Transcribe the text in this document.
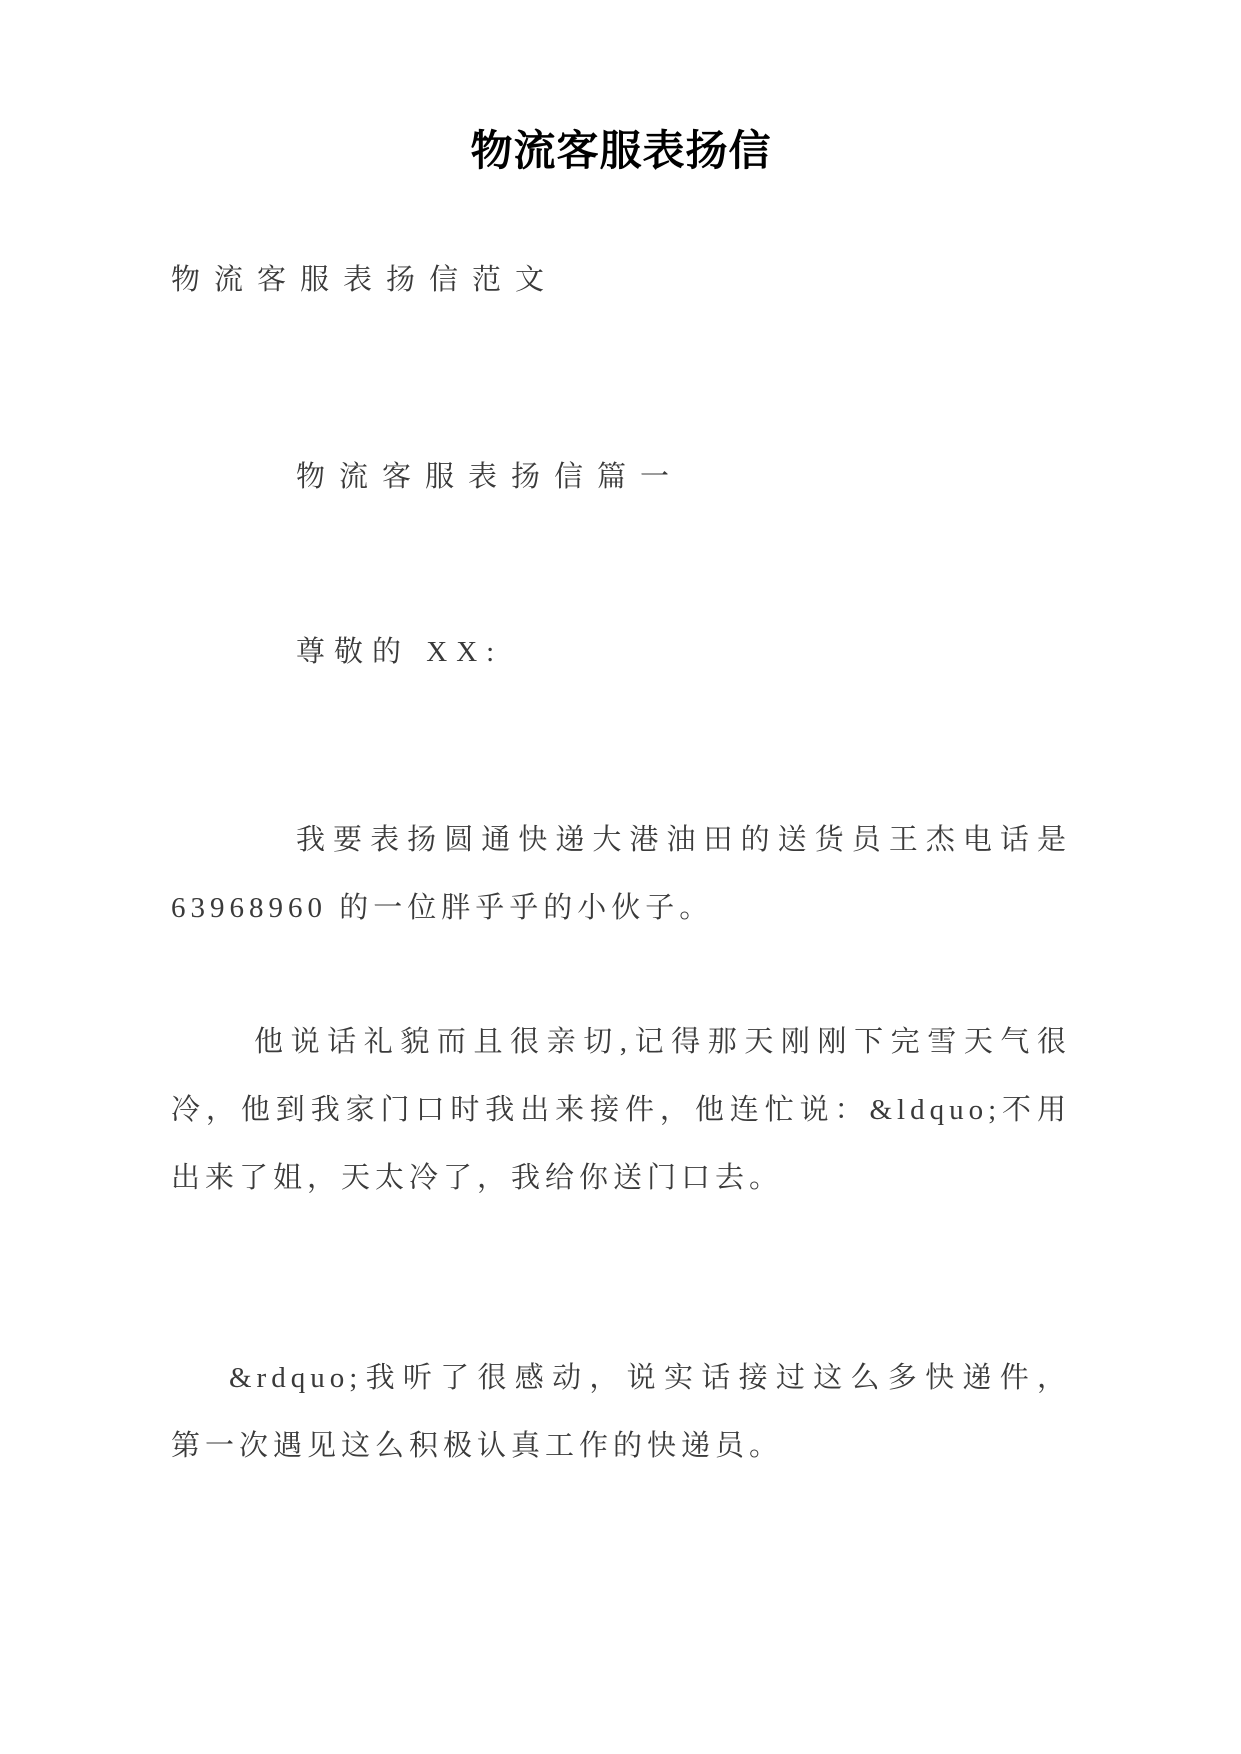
物流客服表扬信
物流客服表扬信范文
物流客服表扬信篇一
尊敬的 XX:
我要表扬圆通快递大港油田的送货员王杰电话是
63968960 的一位胖乎乎的小伙子。
他说话礼貌而且很亲切,记得那天刚刚下完雪天气很
冷，他到我家门口时我出来接件，他连忙说：&ldquo;不用
出来了姐，天太冷了，我给你送门口去。
&rdquo;我听了很感动，说实话接过这么多快递件，
第一次遇见这么积极认真工作的快递员。
